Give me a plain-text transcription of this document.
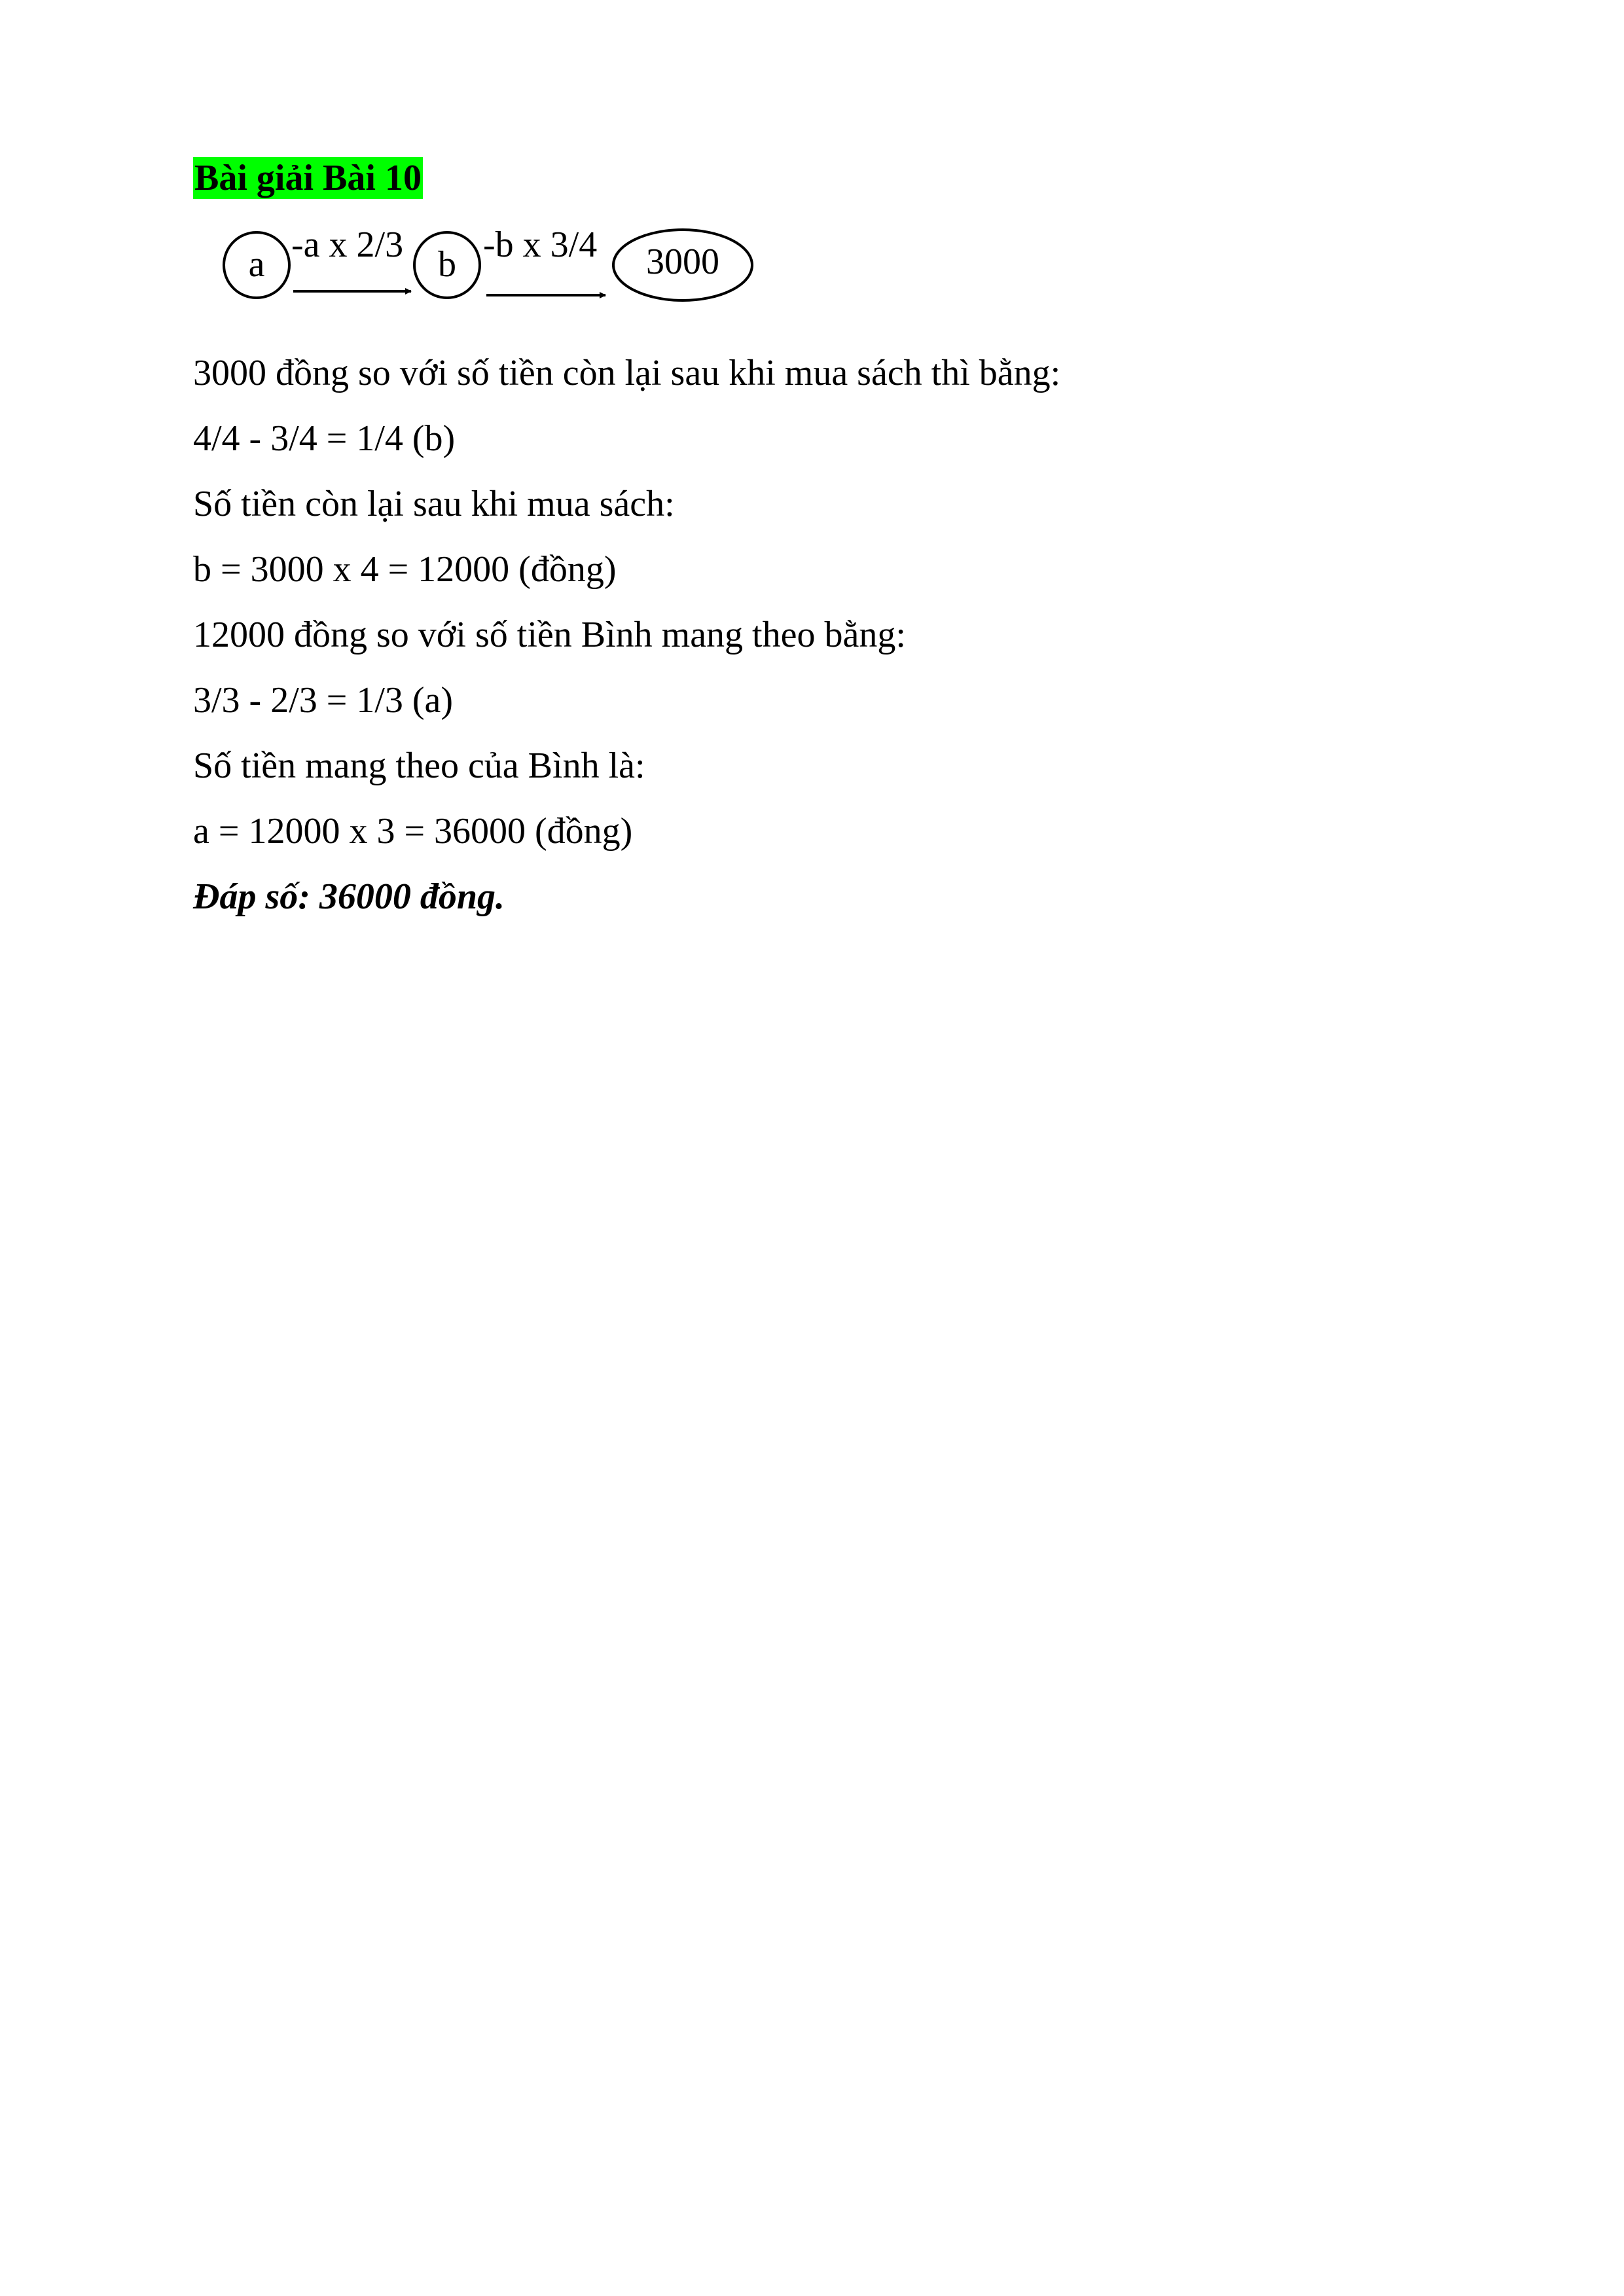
Bài giải Bài 10
a -a x 2/3 b -b x 3/4 3000
3000 đồng so với số tiền còn lại sau khi mua sách thì bằng:
4/4 - 3/4 = 1/4 (b)
Số tiền còn lại sau khi mua sách:
b = 3000 x 4 = 12000 (đồng)
12000 đồng so với số tiền Bình mang theo bằng:
3/3 - 2/3 = 1/3 (a)
Số tiền mang theo của Bình là:
a = 12000 x 3 = 36000 (đồng)
Đáp số: 36000 đồng.
